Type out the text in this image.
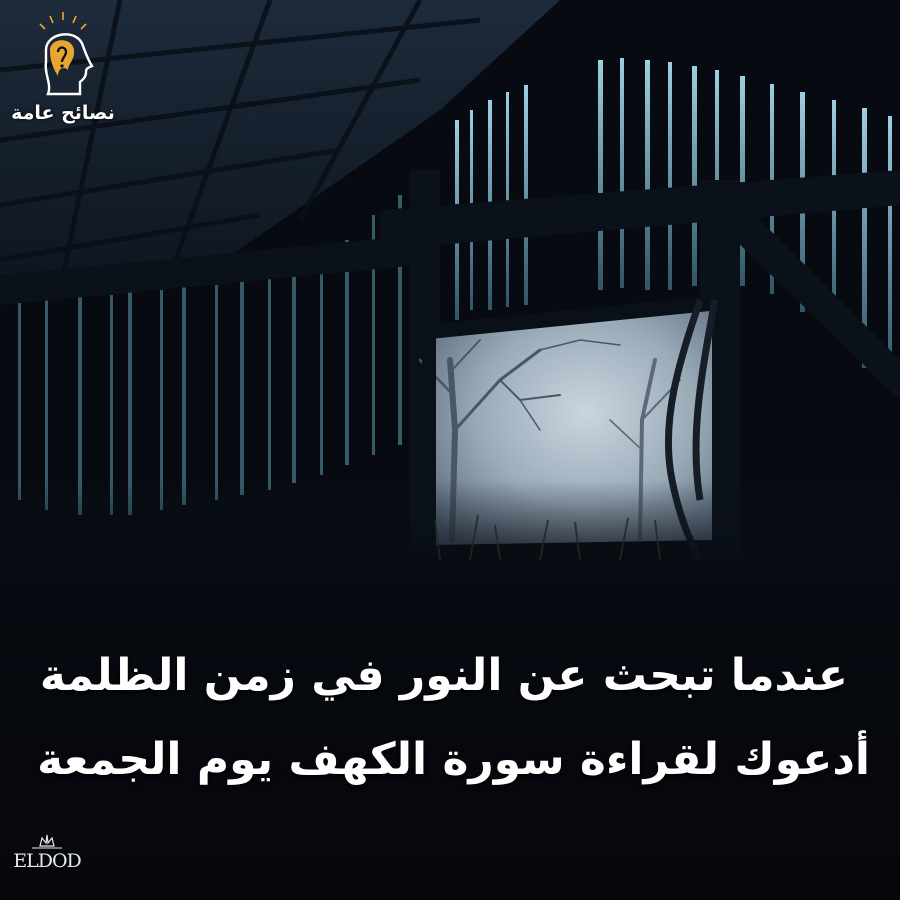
نصائح عامة
عندما تبحث عن النور في زمن الظلمة
أدعوك لقراءة سورة الكهف يوم الجمعة
ELDOD
